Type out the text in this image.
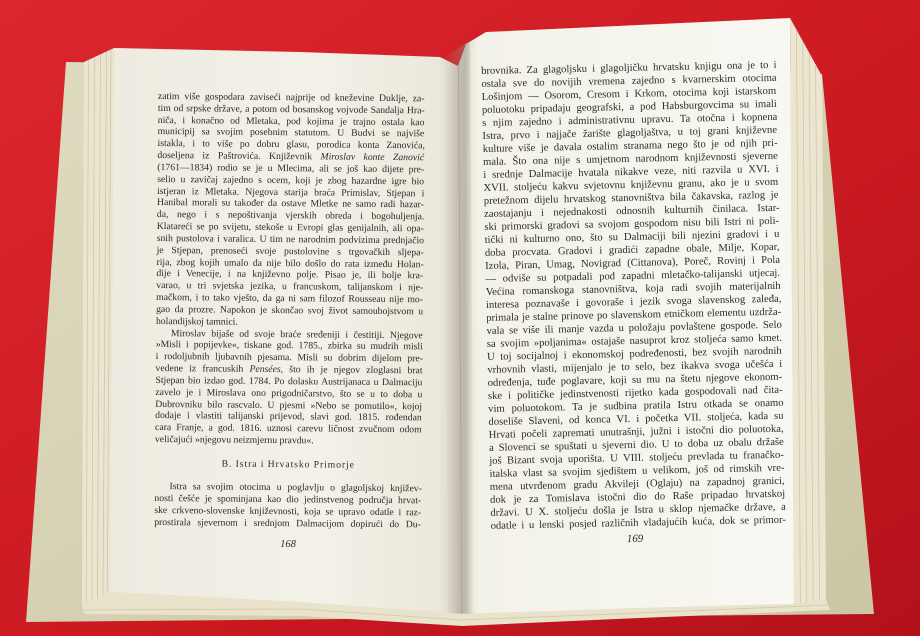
zatim više gospodara zaviseći najprije od kneževine Duklje, za-
tim od srpske države, a potom od bosanskog vojvode Sandalja Hra-
niča, i konačno od Mletaka, pod kojima je trajno ostala kao
municipij sa svojim posebnim statutom. U Budvi se najviše
istakla, i to više po dobru glasu, porodica konta Zanovića,
doseljena iz Paštrovića. Književnik Miroslav konte Zanović
(1761—1834) rodio se je u Mlecima, ali se još kao dijete pre-
selio u zavičaj zajedno s ocem, koji je zbog hazardne igre bio
istjeran iz Mletaka. Njegova starija braća Primislav, Stjepan i
Hanibal morali su također da ostave Mletke ne samo radi hazar-
da, nego i s nepoštivanja vjerskih obreda i bogohuljenja.
Klatareći se po svijetu, stekoše u Evropi glas genijalnih, ali opa-
snih pustolova i varalica. U tim ne narodnim podvizima prednjačio
je Stjepan, prenoseći svoje pustolovine s trgovačkih sljepa-
rija, zbog kojih umalo da nije bilo došlo do rata između Holan-
dije i Venecije, i na književno polje. Pisao je, ili bolje kra-
varao, u tri svjetska jezika, u francuskom, talijanskom i nje-
mačkom, i to tako vješto, da ga ni sam filozof Rousseau nije mo-
gao da prozre. Napokon je skončao svoj život samoubojstvom u
holandijskoj tamnici.
Miroslav bijaše od svoje braće sređeniji i čestitiji. Njegove
»Misli i popijevke«, tiskane god. 1785., zbirka su mudrih misli
i rodoljubnih ljubavnih pjesama. Misli su dobrim dijelom pre-
vedene iz francuskih Pensées, što ih je njegov zloglasni brat
Stjepan bio izdao god. 1784. Po dolasku Austrijanaca u Dalmaciju
zavelo je i Miroslava ono prigodničarstvo, što se u to doba u
Dubrovniku bilo rascvalo. U pjesmi »Nebo se pomutilo«, kojoj
dodaje i vlastiti talijanski prijevod, slavi god. 1815. rođendan
cara Franje, a god. 1816. uznosi carevu ličnost zvučnom odom
veličajući »njegovu neizmjernu pravdu«.
B. Istra i Hrvatsko Primorje
Istra sa svojim otocima u poglavlju o glagoljskoj književ-
nosti češće je spominjana kao dio jedinstvenog područja hrvat-
ske crkveno-slovenske književnosti, koja se upravo odatle i raz-
prostirala sjevernom i srednjom Dalmacijom dopirući do Du-
168
brovnika. Za glagoljsku i glagoljičku hrvatsku knjigu ona je to i
ostala sve do novijih vremena zajedno s kvarnerskim otocima
Lošinjom — Osorom, Cresom i Krkom, otocima koji istarskom
poluotoku pripadaju geografski, a pod Habsburgovcima su imali
s njim zajedno i administrativnu upravu. Ta otočna i kopnena
Istra, prvo i najjače žarište glagoljaštva, u toj grani književne
kulture više je davala ostalim stranama nego što je od njih pri-
mala. Što ona nije s umjetnom narodnom književnosti sjeverne
i srednje Dalmacije hvatala nikakve veze, niti razvila u XVI. i
XVII. stoljeću kakvu svjetovnu književnu granu, ako je u svom
pretežnom dijelu hrvatskog stanovništva bila čakavska, razlog je
zaostajanju i nejednakosti odnosnih kulturnih činilaca. Istar-
ski primorski gradovi sa svojom gospodom nisu bili Istri ni poli-
tički ni kulturno ono, što su Dalmaciji bili njezini gradovi i u
doba procvata. Gradovi i gradići zapadne obale, Milje, Kopar,
Izola, Piran, Umag, Novigrad (Cittanova), Poreč, Rovinj i Pola
— odviše su potpadali pod zapadni mletačko-talijanski utjecaj.
Većina romanskoga stanovništva, koja radi svojih materijalnih
interesa poznavaše i govoraše i jezik svoga slavenskog zaleđa,
primala je stalne prinove po slavenskom etničkom elementu uzdrža-
vala se više ili manje vazda u položaju povlaštene gospode. Selo
sa svojim »poljanima« ostajaše nasuprot kroz stoljeća samo kmet.
U toj socijalnoj i ekonomskoj podređenosti, bez svojih narodnih
vrhovnih vlasti, mijenjalo je to selo, bez ikakva svoga učešća i
određenja, tuđe poglavare, koji su mu na štetu njegove ekonom-
ske i političke jedinstvenosti rijetko kada gospodovali nad čita-
vim poluotokom. Ta je sudbina pratila Istru otkada se onamo
doseliše Slaveni, od konca VI. i početka VII. stoljeća, kada su
Hrvati počeli zapremati unutrašnji, južni i istočni dio poluotoka,
a Slovenci se spuštati u sjeverni dio. U to doba uz obalu držaše
još Bizant svoja uporišta. U VIII. stoljeću prevlada tu franačko-
italska vlast sa svojim sjedištem u velikom, još od rimskih vre-
mena utvrđenom gradu Akvileji (Oglaju) na zapadnoj granici,
dok je za Tomislava istočni dio do Raše pripadao hrvatskoj
državi. U X. stoljeću došla je Istra u sklop njemačke države, a
odatle i u lenski posjed različnih vladajućih kuća, dok se primor-
169
